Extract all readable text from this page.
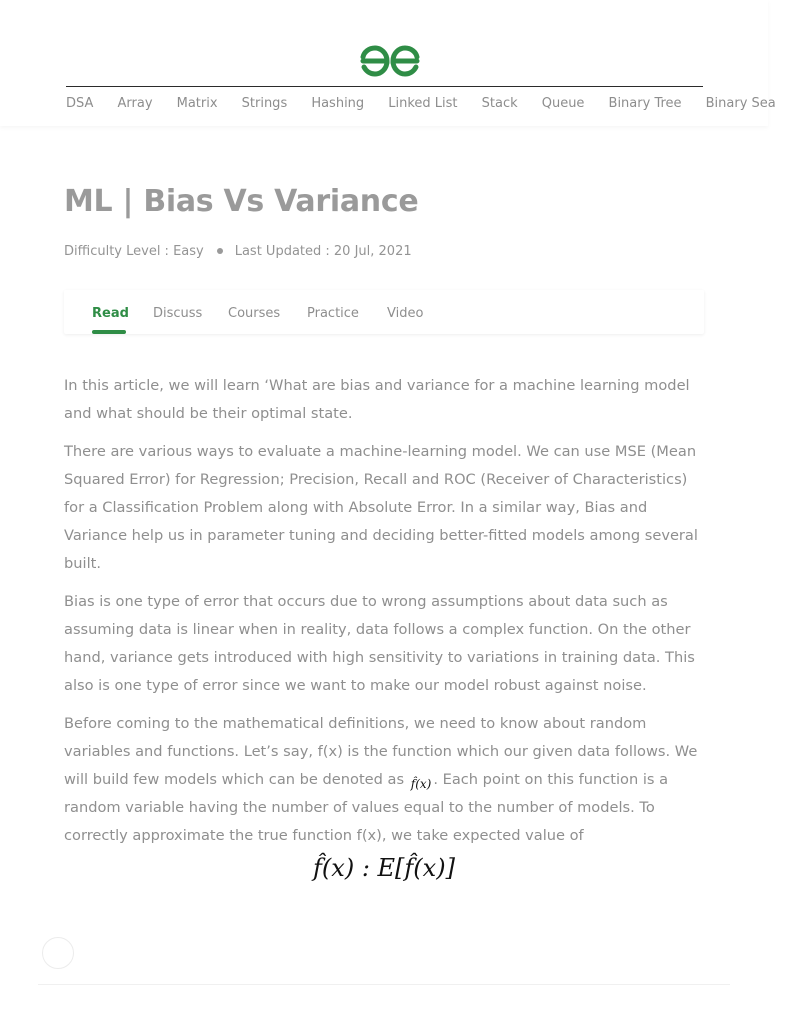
DSA Array Matrix Strings Hashing Linked List Stack Queue Binary Tree Binary Sea
ML | Bias Vs Variance
Difficulty Level : Easy Last Updated : 20 Jul, 2021
Read Discuss Courses Practice Video

In this article, we will learn ‘What are bias and variance for a machine learning model and what should be their optimal state.

There are various ways to evaluate a machine-learning model. We can use MSE (Mean Squared Error) for Regression; Precision, Recall and ROC (Receiver of Characteristics) for a Classification Problem along with Absolute Error. In a similar way, Bias and Variance help us in parameter tuning and deciding better-fitted models among several built.

Bias is one type of error that occurs due to wrong assumptions about data such as assuming data is linear when in reality, data follows a complex function. On the other hand, variance gets introduced with high sensitivity to variations in training data. This also is one type of error since we want to make our model robust against noise.

Before coming to the mathematical definitions, we need to know about random variables and functions. Let’s say, f(x) is the function which our given data follows. We will build few models which can be denoted as f̂(x) . Each point on this function is a random variable having the number of values equal to the number of models. To correctly approximate the true function f(x), we take expected value of

f̂(x) : E[f̂(x)]
